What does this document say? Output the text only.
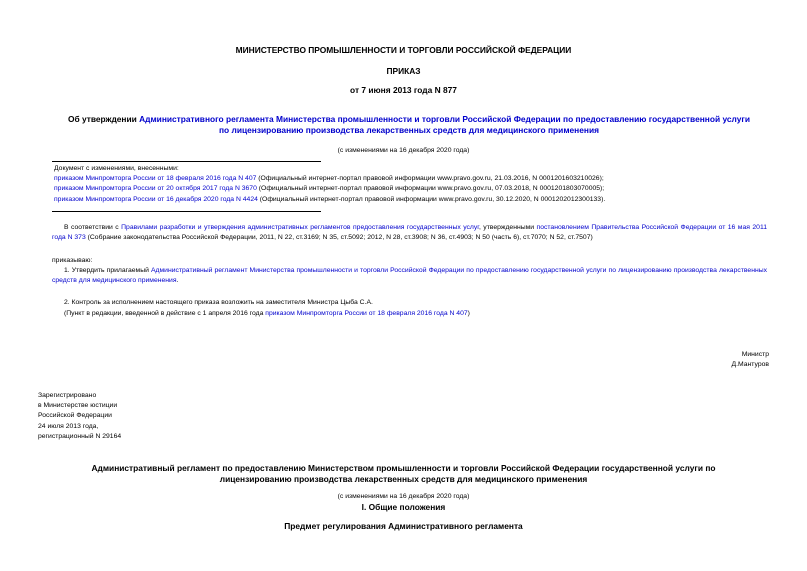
МИНИСТЕРСТВО ПРОМЫШЛЕННОСТИ И ТОРГОВЛИ РОССИЙСКОЙ ФЕДЕРАЦИИ
ПРИКАЗ
от 7 июня 2013 года N 877
Об утверждении Административного регламента Министерства промышленности и торговли Российской Федерации по предоставлению государственной услуги по лицензированию производства лекарственных средств для медицинского применения
(с изменениями на 16 декабря 2020 года)
Документ с изменениями, внесенными:
приказом Минпромторга России от 18 февраля 2016 года N 407 (Официальный интернет-портал правовой информации www.pravo.gov.ru, 21.03.2016, N 0001201603210026);
приказом Минпромторга России от 20 октября 2017 года N 3670 (Официальный интернет-портал правовой информации www.pravo.gov.ru, 07.03.2018, N 0001201803070005);
приказом Минпромторга России от 16 декабря 2020 года N 4424 (Официальный интернет-портал правовой информации www.pravo.gov.ru, 30.12.2020, N 0001202012300133).
В соответствии с Правилами разработки и утверждения административных регламентов предоставления государственных услуг, утвержденными постановлением Правительства Российской Федерации от 16 мая 2011 года N 373 (Собрание законодательства Российской Федерации, 2011, N 22, ст.3169; N 35, ст.5092; 2012, N 28, ст.3908; N 36, ст.4903; N 50 (часть 6), ст.7070; N 52, ст.7507)
приказываю:
1. Утвердить прилагаемый Административный регламент Министерства промышленности и торговли Российской Федерации по предоставлению государственной услуги по лицензированию производства лекарственных средств для медицинского применения.
2. Контроль за исполнением настоящего приказа возложить на заместителя Министра Цыба С.А.
(Пункт в редакции, введенной в действие с 1 апреля 2016 года приказом Минпромторга России от 18 февраля 2016 года N 407)
Министр
Д.Мантуров
Зарегистрировано
в Министерстве юстиции
Российской Федерации
24 июля 2013 года,
регистрационный N 29164
Административный регламент по предоставлению Министерством промышленности и торговли Российской Федерации государственной услуги по лицензированию производства лекарственных средств для медицинского применения
(с изменениями на 16 декабря 2020 года)
I. Общие положения
Предмет регулирования Административного регламента
